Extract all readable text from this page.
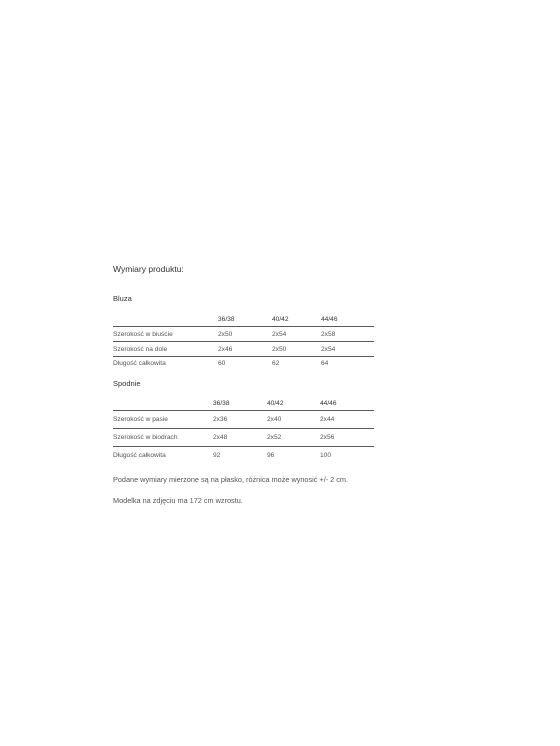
Wymiary produktu:

Bluza

	36/38	40/42	44/46
Szerokość w biuście	2x50	2x54	2x58
Szerokość na dole	2x46	2x50	2x54
Długość całkowita	60	62	64

Spodnie

	36/38	40/42	44/46
Szerokość w pasie	2x36	2x40	2x44
Szerokość w biodrach	2x48	2x52	2x56
Długość całkowita	92	96	100

Podane wymiary mierzone są na płasko, różnica może wynosić +/- 2 cm.

Modelka na zdjęciu ma 172 cm wzrostu.
